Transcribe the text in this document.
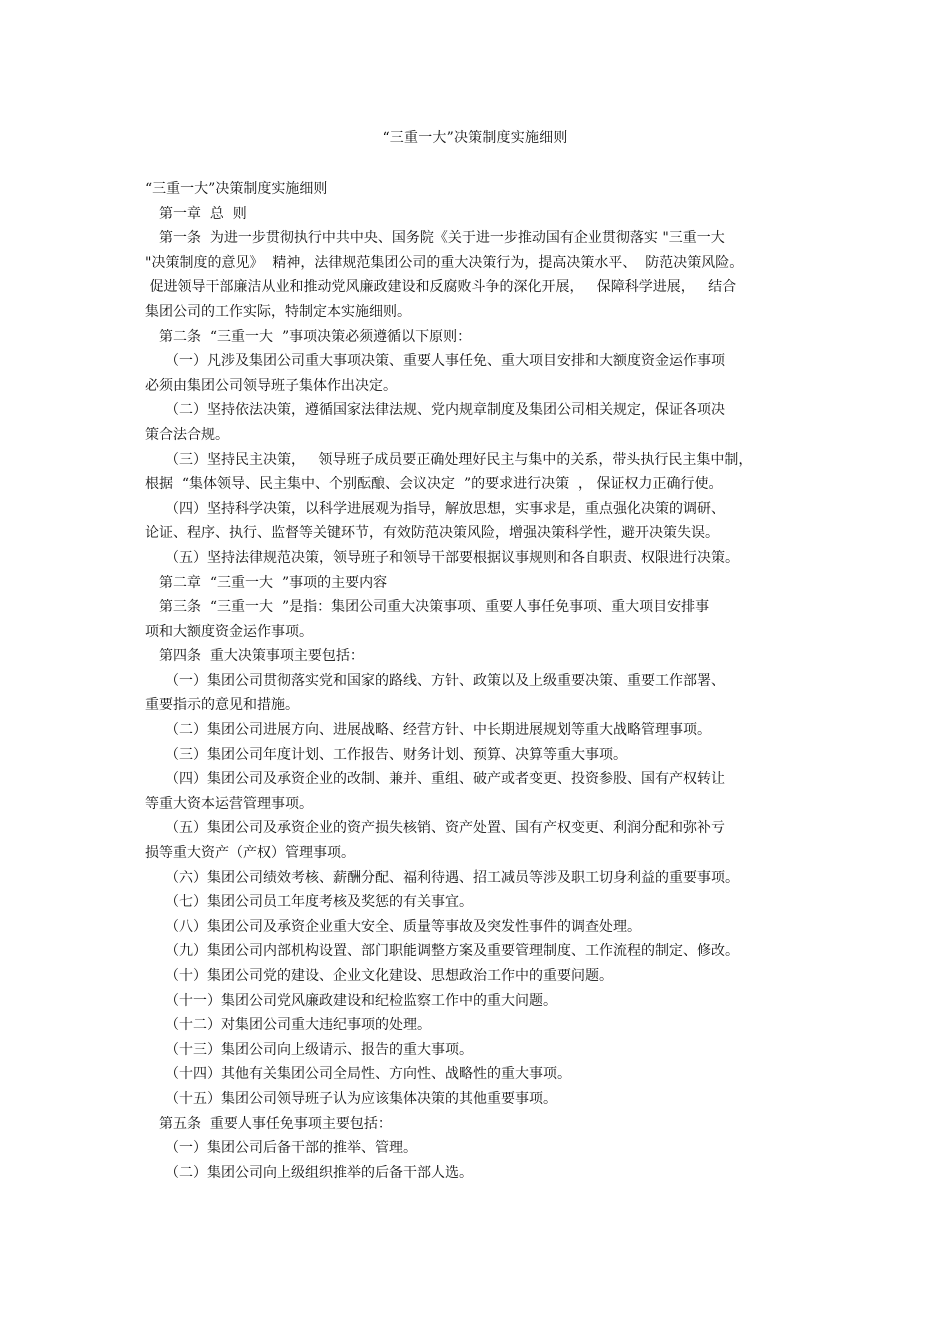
“三重一大”决策制度实施细则
“三重一大”决策制度实施细则
第一章  总  则
第一条  为进一步贯彻执行中共中央、国务院《关于进一步推动国有企业贯彻落实 "三重一大
"决策制度的意见》  精神，法律规范集团公司的重大决策行为，提高决策水平、  防范决策风险。
促进领导干部廉洁从业和推动党风廉政建设和反腐败斗争的深化开展，   保障科学进展，   结合
集团公司的工作实际，特制定本实施细则。
第二条  “三重一大  ”事项决策必须遵循以下原则：
（一）凡涉及集团公司重大事项决策、重要人事任免、重大项目安排和大额度资金运作事项
必须由集团公司领导班子集体作出决定。
（二）坚持依法决策，遵循国家法律法规、党内规章制度及集团公司相关规定，保证各项决
策合法合规。
（三）坚持民主决策，   领导班子成员要正确处理好民主与集中的关系，带头执行民主集中制，
根据  “集体领导、民主集中、个别酝酿、会议决定  ”的要求进行决策  ， 保证权力正确行使。
（四）坚持科学决策，以科学进展观为指导，解放思想，实事求是，重点强化决策的调研、
论证、程序、执行、监督等关键环节，有效防范决策风险，增强决策科学性，避开决策失误。
（五）坚持法律规范决策，领导班子和领导干部要根据议事规则和各自职责、权限进行决策。
第二章  “三重一大  ”事项的主要内容
第三条  “三重一大  ”是指：集团公司重大决策事项、重要人事任免事项、重大项目安排事
项和大额度资金运作事项。
第四条  重大决策事项主要包括：
（一）集团公司贯彻落实党和国家的路线、方针、政策以及上级重要决策、重要工作部署、
重要指示的意见和措施。
（二）集团公司进展方向、进展战略、经营方针、中长期进展规划等重大战略管理事项。
（三）集团公司年度计划、工作报告、财务计划、预算、决算等重大事项。
（四）集团公司及承资企业的改制、兼并、重组、破产或者变更、投资参股、国有产权转让
等重大资本运营管理事项。
（五）集团公司及承资企业的资产损失核销、资产处置、国有产权变更、利润分配和弥补亏
损等重大资产（产权）管理事项。
（六）集团公司绩效考核、薪酬分配、福利待遇、招工减员等涉及职工切身利益的重要事项。
（七）集团公司员工年度考核及奖惩的有关事宜。
（八）集团公司及承资企业重大安全、质量等事故及突发性事件的调查处理。
（九）集团公司内部机构设置、部门职能调整方案及重要管理制度、工作流程的制定、修改。
（十）集团公司党的建设、企业文化建设、思想政治工作中的重要问题。
（十一）集团公司党风廉政建设和纪检监察工作中的重大问题。
（十二）对集团公司重大违纪事项的处理。
（十三）集团公司向上级请示、报告的重大事项。
（十四）其他有关集团公司全局性、方向性、战略性的重大事项。
（十五）集团公司领导班子认为应该集体决策的其他重要事项。
第五条  重要人事任免事项主要包括：
（一）集团公司后备干部的推举、管理。
（二）集团公司向上级组织推举的后备干部人选。
